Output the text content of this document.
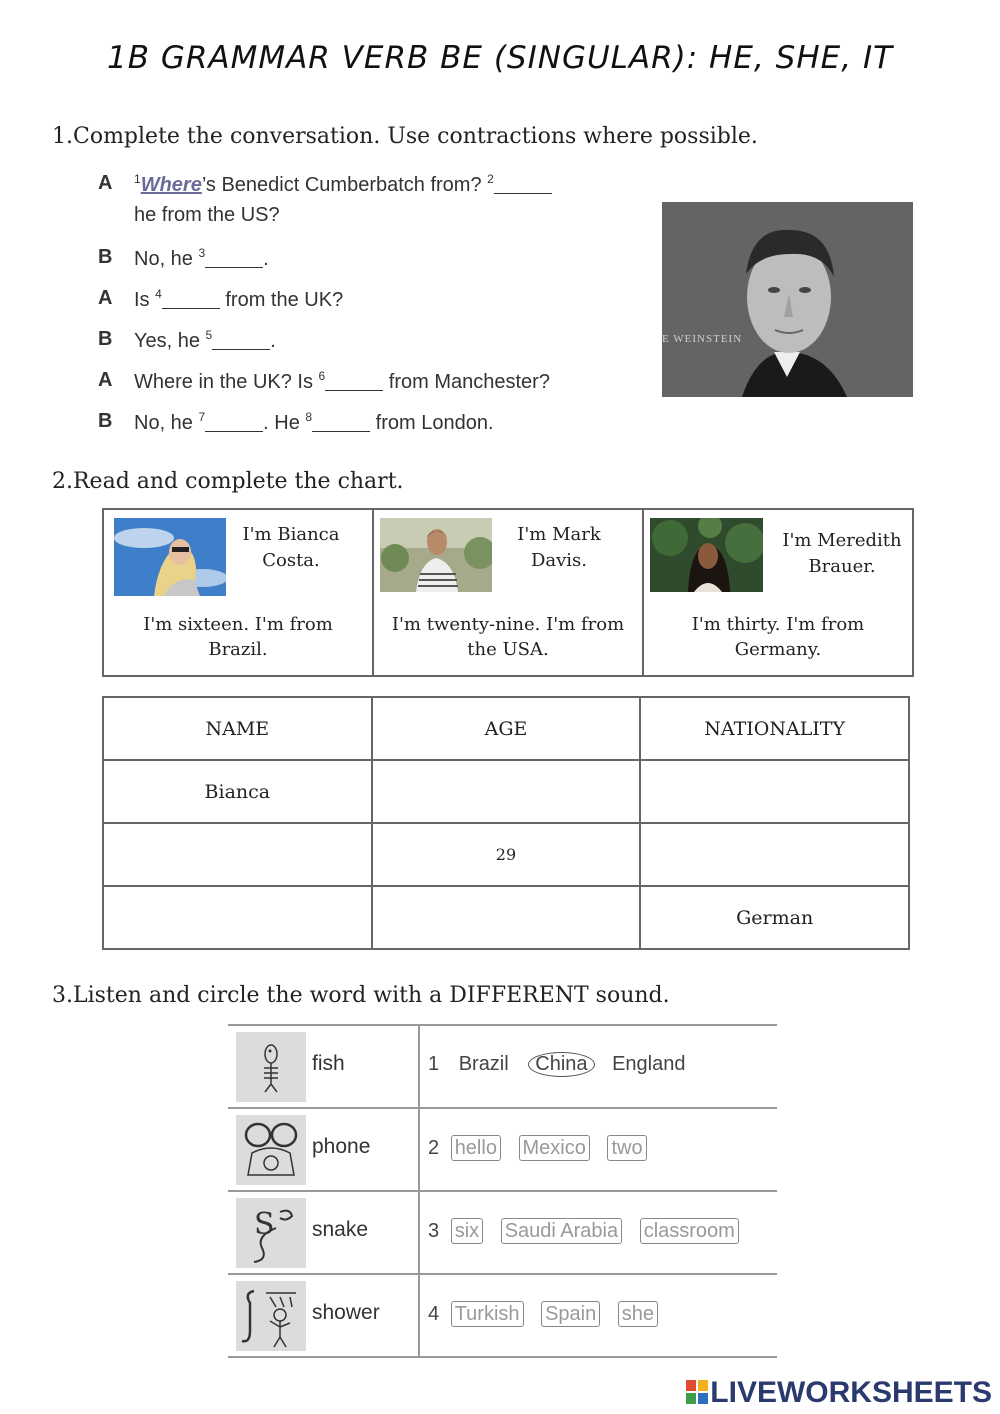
1B GRAMMAR VERB BE (SINGULAR): HE, SHE, IT
1.Complete the conversation. Use contractions where possible.
A $^1$Where’s Benedict Cumberbatch from? $^2$
he from the US?
B No, he $^3$	.
A Is $^4$	from the UK?
B Yes, he $^5$	.
A Where in the UK? Is $^6$	from Manchester?
B No, he $^7$	. He $^8$	from London.
E WEINSTEIN
2.Read and complete the chart.
I'm Bianca
Costa.
I'm sixteen. I'm from
Brazil.
I'm Mark
Davis.
I'm twenty-nine. I'm from
the USA.
I'm Meredith
Brauer.
I'm thirty. I'm from
Germany.
NAME	AGE	NATIONALITY
Bianca		
	29	
		German
3.Listen and circle the word with a DIFFERENT sound.
fish	1 Brazil China England
phone	2 hello Mexico two
S snake	3 six Saudi Arabia classroom
shower 4 Turkish Spain she
LIVEWORKSHEETS
